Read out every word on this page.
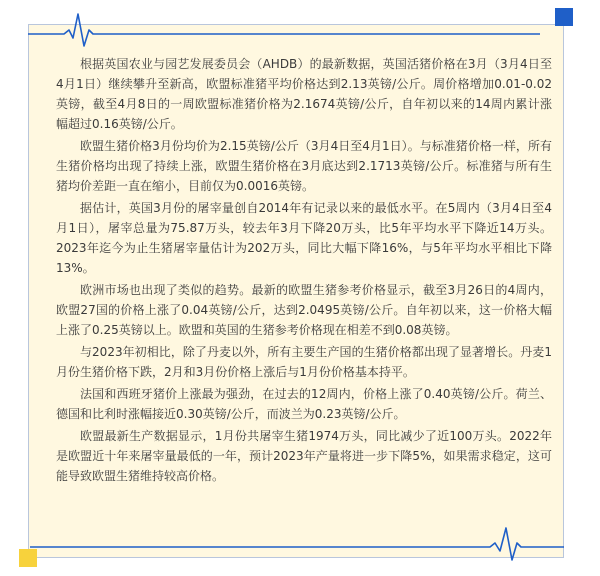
根据英国农业与园艺发展委员会（AHDB）的最新数据，英国活猪价格在3月（3月4日至4月1日）继续攀升至新高，欧盟标准猪平均价格达到2.13英镑/公斤。周价格增加0.01-0.02英镑，截至4月8日的一周欧盟标准猪价格为2.1674英镑/公斤，自年初以来的14周内累计涨幅超过0.16英镑/公斤。

欧盟生猪价格3月份均价为2.15英镑/公斤（3月4日至4月1日）。与标准猪价格一样，所有生猪价格均出现了持续上涨，欧盟生猪价格在3月底达到2.1713英镑/公斤。标准猪与所有生猪均价差距一直在缩小，目前仅为0.0016英镑。

据估计，英国3月份的屠宰量创自2014年有记录以来的最低水平。在5周内（3月4日至4月1日），屠宰总量为75.87万头，较去年3月下降20万头，比5年平均水平下降近14万头。2023年迄今为止生猪屠宰量估计为202万头，同比大幅下降16%，与5年平均水平相比下降13%。

欧洲市场也出现了类似的趋势。最新的欧盟生猪参考价格显示，截至3月26日的4周内，欧盟27国的价格上涨了0.04英镑/公斤，达到2.0495英镑/公斤。自年初以来，这一价格大幅上涨了0.25英镑以上。欧盟和英国的生猪参考价格现在相差不到0.08英镑。

与2023年初相比，除了丹麦以外，所有主要生产国的生猪价格都出现了显著增长。丹麦1月份生猪价格下跌，2月和3月份价格上涨后与1月份价格基本持平。

法国和西班牙猪价上涨最为强劲，在过去的12周内，价格上涨了0.40英镑/公斤。荷兰、德国和比利时涨幅接近0.30英镑/公斤，而波兰为0.23英镑/公斤。

欧盟最新生产数据显示，1月份共屠宰生猪1974万头，同比减少了近100万头。2022年是欧盟近十年来屠宰量最低的一年，预计2023年产量将进一步下降5%，如果需求稳定，这可能导致欧盟生猪维持较高价格。
